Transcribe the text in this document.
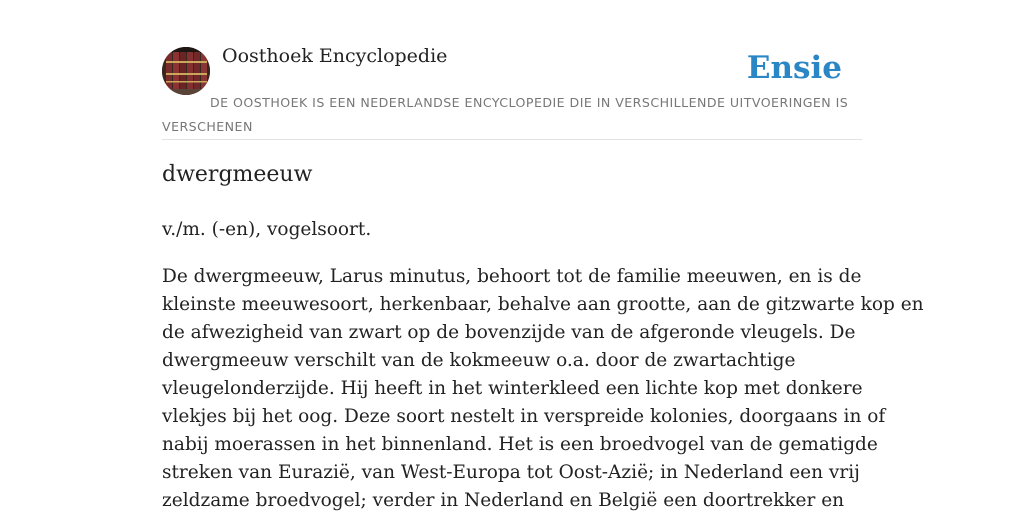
Oosthoek Encyclopedie	Ensie
DE OOSTHOEK IS EEN NEDERLANDSE ENCYCLOPEDIE DIE IN VERSCHILLENDE UITVOERINGEN IS VERSCHENEN
dwergmeeuw

v./m. (-en), vogelsoort.

De dwergmeeuw, Larus minutus, behoort tot de familie meeuwen, en is de
kleinste meeuwesoort, herkenbaar, behalve aan grootte, aan de gitzwarte kop en
de afwezigheid van zwart op de bovenzijde van de afgeronde vleugels. De
dwergmeeuw verschilt van de kokmeeuw o.a. door de zwartachtige
vleugelonderzijde. Hij heeft in het winterkleed een lichte kop met donkere
vlekjes bij het oog. Deze soort nestelt in verspreide kolonies, doorgaans in of
nabij moerassen in het binnenland. Het is een broedvogel van de gematigde
streken van Eurazië, van West-Europa tot Oost-Azië; in Nederland een vrij
zeldzame broedvogel; verder in Nederland en België een doortrekker en
